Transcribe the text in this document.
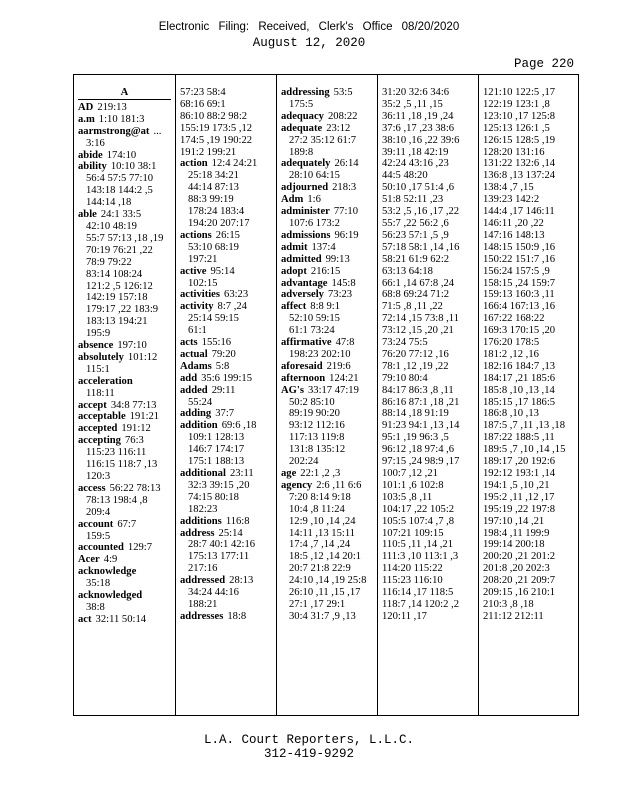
Electronic Filing: Received, Clerk's Office 08/20/2020
August 12, 2020
Page 220
A
AD 219:13
a.m 1:10 181:3
aarmstrong@at ...
3:16
abide 174:10
ability 10:10 38:1
56:4 57:5 77:10
143:18 144:2 ,5
144:14 ,18
able 24:1 33:5
42:10 48:19
55:7 57:13 ,18 ,19
70:19 76:21 ,22
78:9 79:22
83:14 108:24
121:2 ,5 126:12
142:19 157:18
179:17 ,22 183:9
183:13 194:21
195:9
absence 197:10
absolutely 101:12
115:1
acceleration
118:11
accept 34:8 77:13
acceptable 191:21
accepted 191:12
accepting 76:3
115:23 116:11
116:15 118:7 ,13
120:3
access 56:22 78:13
78:13 198:4 ,8
209:4
account 67:7
159:5
accounted 129:7
Acer 4:9
acknowledge
35:18
acknowledged
38:8
act 32:11 50:14
57:23 58:4
68:16 69:1
86:10 88:2 98:2
155:19 173:5 ,12
174:5 ,19 190:22
191:2 199:21
action 12:4 24:21
25:18 34:21
44:14 87:13
88:3 99:19
178:24 183:4
194:20 207:17
actions 26:15
53:10 68:19
197:21
active 95:14
102:15
activities 63:23
activity 8:7 ,24
25:14 59:15
61:1
acts 155:16
actual 79:20
Adams 5:8
add 35:6 199:15
added 29:11
55:24
adding 37:7
addition 69:6 ,18
109:1 128:13
146:7 174:17
175:1 188:13
additional 23:11
32:3 39:15 ,20
74:15 80:18
182:23
additions 116:8
address 25:14
28:7 40:1 42:16
175:13 177:11
217:16
addressed 28:13
34:24 44:16
188:21
addresses 18:8
addressing 53:5
175:5
adequacy 208:22
adequate 23:12
27:2 35:12 61:7
189:8
adequately 26:14
28:10 64:15
adjourned 218:3
Adm 1:6
administer 77:10
107:6 173:2
admissions 96:19
admit 137:4
admitted 99:13
adopt 216:15
advantage 145:8
adversely 73:23
affect 8:8 9:1
52:10 59:15
61:1 73:24
affirmative 47:8
198:23 202:10
aforesaid 219:6
afternoon 124:21
AG's 33:17 47:19
50:2 85:10
89:19 90:20
93:12 112:16
117:13 119:8
131:8 135:12
202:24
age 22:1 ,2 ,3
agency 2:6 ,11 6:6
7:20 8:14 9:18
10:4 ,8 11:24
12:9 ,10 ,14 ,24
14:11 ,13 15:11
17:4 ,7 ,14 ,24
18:5 ,12 ,14 20:1
20:7 21:8 22:9
24:10 ,14 ,19 25:8
26:10 ,11 ,15 ,17
27:1 ,17 29:1
30:4 31:7 ,9 ,13
31:20 32:6 34:6
35:2 ,5 ,11 ,15
36:11 ,18 ,19 ,24
37:6 ,17 ,23 38:6
38:10 ,16 ,22 39:6
39:11 ,18 42:19
42:24 43:16 ,23
44:5 48:20
50:10 ,17 51:4 ,6
51:8 52:11 ,23
53:2 ,5 ,16 ,17 ,22
55:7 ,22 56:2 ,6
56:23 57:1 ,5 ,9
57:18 58:1 ,14 ,16
58:21 61:9 62:2
63:13 64:18
66:1 ,14 67:8 ,24
68:8 69:24 71:2
71:5 ,8 ,11 ,22
72:14 ,15 73:8 ,11
73:12 ,15 ,20 ,21
73:24 75:5
76:20 77:12 ,16
78:1 ,12 ,19 ,22
79:10 80:4
84:17 86:3 ,8 ,11
86:16 87:1 ,18 ,21
88:14 ,18 91:19
91:23 94:1 ,13 ,14
95:1 ,19 96:3 ,5
96:12 ,18 97:4 ,6
97:15 ,24 98:9 ,17
100:7 ,12 ,21
101:1 ,6 102:8
103:5 ,8 ,11
104:17 ,22 105:2
105:5 107:4 ,7 ,8
107:21 109:15
110:5 ,11 ,14 ,21
111:3 ,10 113:1 ,3
114:20 115:22
115:23 116:10
116:14 ,17 118:5
118:7 ,14 120:2 ,2
120:11 ,17
121:10 122:5 ,17
122:19 123:1 ,8
123:10 ,17 125:8
125:13 126:1 ,5
126:15 128:5 ,19
128:20 131:16
131:22 132:6 ,14
136:8 ,13 137:24
138:4 ,7 ,15
139:23 142:2
144:4 ,17 146:11
146:11 ,20 ,22
147:16 148:13
148:15 150:9 ,16
150:22 151:7 ,16
156:24 157:5 ,9
158:15 ,24 159:7
159:13 160:3 ,11
166:4 167:13 ,16
167:22 168:22
169:3 170:15 ,20
176:20 178:5
181:2 ,12 ,16
182:16 184:7 ,13
184:17 ,21 185:6
185:8 ,10 ,13 ,14
185:15 ,17 186:5
186:8 ,10 ,13
187:5 ,7 ,11 ,13 ,18
187:22 188:5 ,11
189:5 ,7 ,10 ,14 ,15
189:17 ,20 192:6
192:12 193:1 ,14
194:1 ,5 ,10 ,21
195:2 ,11 ,12 ,17
195:19 ,22 197:8
197:10 ,14 ,21
198:4 ,11 199:9
199:14 200:18
200:20 ,21 201:2
201:8 ,20 202:3
208:20 ,21 209:7
209:15 ,16 210:1
210:3 ,8 ,18
211:12 212:11
L.A. Court Reporters, L.L.C.
312-419-9292
